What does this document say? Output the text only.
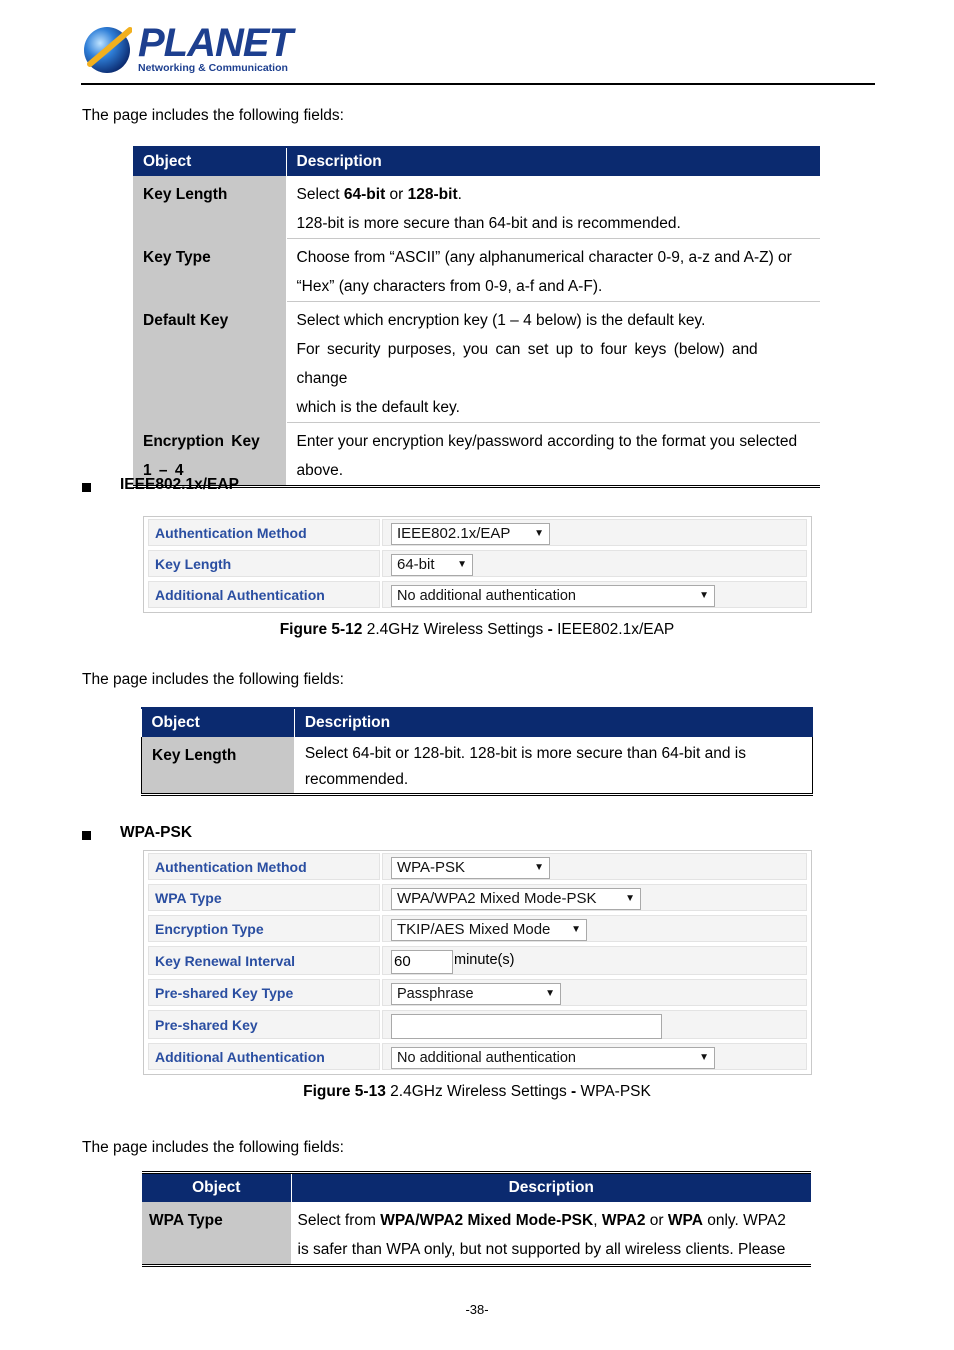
PLANET
Networking & Communication
The page includes the following fields:
Object	Description
Key Length	Select 64-bit or 128-bit.
128-bit is more secure than 64-bit and is recommended.

Key Type	Choose from “ASCII” (any alphanumerical character 0-9, a-z and A-Z) or
“Hex” (any characters from 0-9, a-f and A-F).

Default Key	Select which encryption key (1 – 4 below) is the default key.
For security purposes, you can set up to four keys (below) and change
which is the default key.

Encryption Key 1 – 4	Enter your encryption key/password according to the format you selected
above.
IEEE802.1x/EAP
Authentication Method	IEEE802.1x/EAP ▼
Key Length	64-bit ▼
Additional Authentication	No additional authentication	▼
Figure 5-12 2.4GHz Wireless Settings - IEEE802.1x/EAP
The page includes the following fields:
Object	Description
Key Length	Select 64-bit or 128-bit. 128-bit is more secure than 64-bit and is
recommended.
WPA-PSK
Authentication Method	WPA-PSK	▼
WPA Type	WPA/WPA2 Mixed Mode-PSK	▼
Encryption Type	TKIP/AES Mixed Mode ▼
Key Renewal Interval	60	minute(s)
Pre-shared Key Type	Passphrase	▼
Pre-shared Key
Additional Authentication	No additional authentication	▼
Figure 5-13 2.4GHz Wireless Settings - WPA-PSK
The page includes the following fields:
Object	Description
WPA Type	Select from WPA/WPA2 Mixed Mode-PSK, WPA2 or WPA only. WPA2
is safer than WPA only, but not supported by all wireless clients. Please
-38-
